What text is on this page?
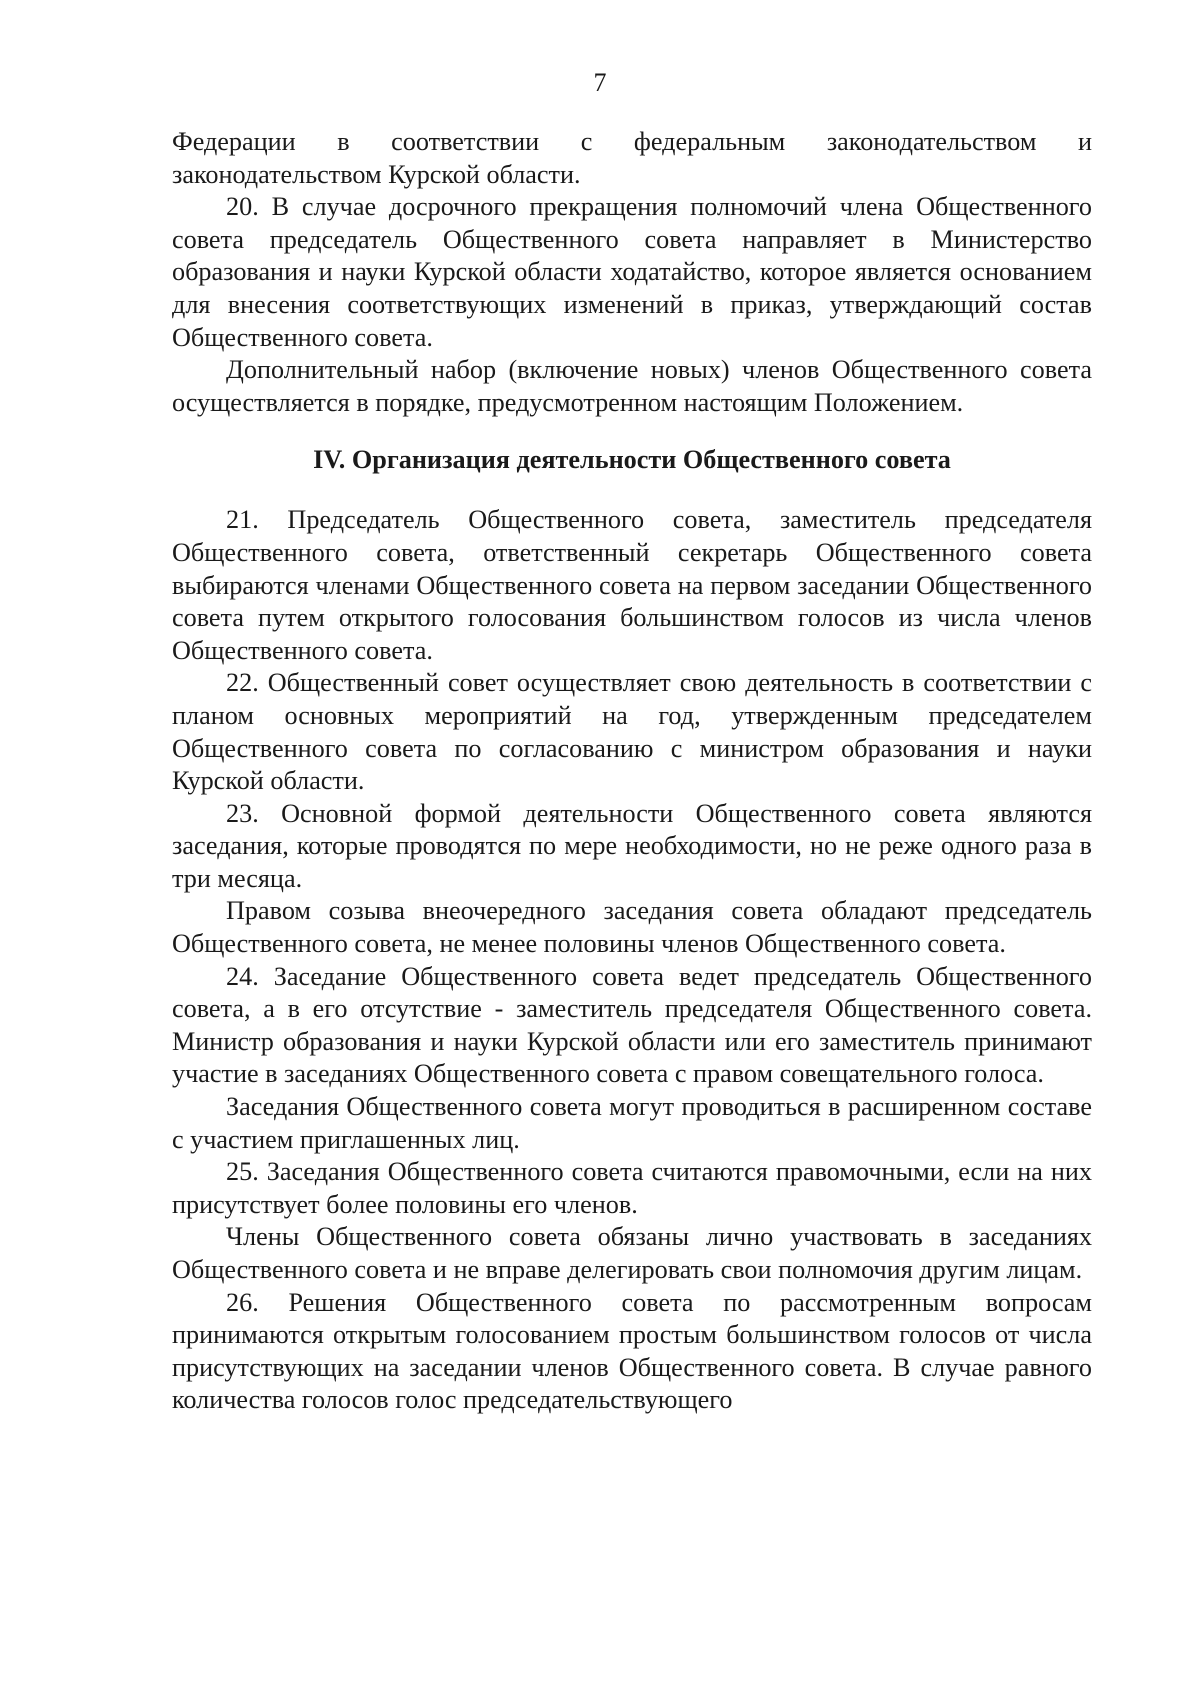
7

Федерации в соответствии с федеральным законодательством и законодательством Курской области.

20. В случае досрочного прекращения полномочий члена Общественного совета председатель Общественного совета направляет в Министерство образования и науки Курской области ходатайство, которое является основанием для внесения соответствующих изменений в приказ, утверждающий состав Общественного совета.

Дополнительный набор (включение новых) членов Общественного совета осуществляется в порядке, предусмотренном настоящим Положением.

IV. Организация деятельности Общественного совета

21. Председатель Общественного совета, заместитель председателя Общественного совета, ответственный секретарь Общественного совета выбираются членами Общественного совета на первом заседании Общественного совета путем открытого голосования большинством голосов из числа членов Общественного совета.

22. Общественный совет осуществляет свою деятельность в соответствии с планом основных мероприятий на год, утвержденным председателем Общественного совета по согласованию с министром образования и науки Курской области.

23. Основной формой деятельности Общественного совета являются заседания, которые проводятся по мере необходимости, но не реже одного раза в три месяца.

Правом созыва внеочередного заседания совета обладают председатель Общественного совета, не менее половины членов Общественного совета.

24. Заседание Общественного совета ведет председатель Общественного совета, а в его отсутствие - заместитель председателя Общественного совета. Министр образования и науки Курской области или его заместитель принимают участие в заседаниях Общественного совета с правом совещательного голоса.

Заседания Общественного совета могут проводиться в расширенном составе с участием приглашенных лиц.

25. Заседания Общественного совета считаются правомочными, если на них присутствует более половины его членов.

Члены Общественного совета обязаны лично участвовать в заседаниях Общественного совета и не вправе делегировать свои полномочия другим лицам.

26. Решения Общественного совета по рассмотренным вопросам принимаются открытым голосованием простым большинством голосов от числа присутствующих на заседании членов Общественного совета. В случае равного количества голосов голос председательствующего
